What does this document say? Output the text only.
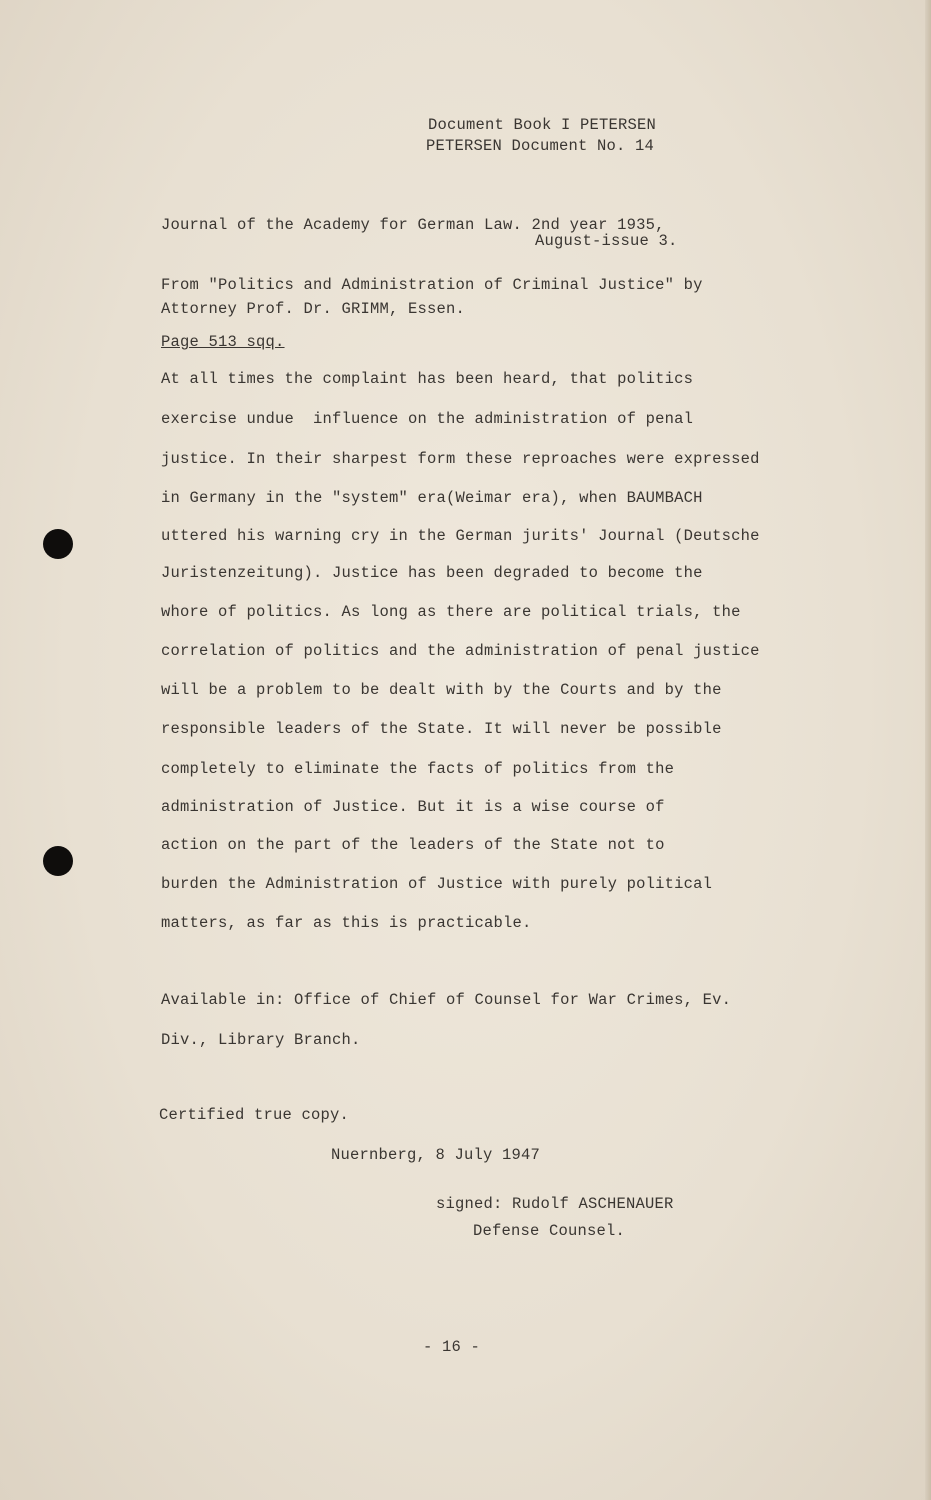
Document Book I PETERSEN
PETERSEN Document No. 14
Journal of the Academy for German Law. 2nd year 1935,
August-issue 3.
From "Politics and Administration of Criminal Justice" by
Attorney Prof. Dr. GRIMM, Essen.
Page 513 sqq.
At all times the complaint has been heard, that politics
exercise undue  influence on the administration of penal
justice. In their sharpest form these reproaches were expressed
in Germany in the "system" era(Weimar era), when BAUMBACH
uttered his warning cry in the German jurits' Journal (Deutsche
Juristenzeitung). Justice has been degraded to become the
whore of politics. As long as there are political trials, the
correlation of politics and the administration of penal justice
will be a problem to be dealt with by the Courts and by the
responsible leaders of the State. It will never be possible
completely to eliminate the facts of politics from the
administration of Justice. But it is a wise course of
action on the part of the leaders of the State not to
burden the Administration of Justice with purely political
matters, as far as this is practicable.
Available in: Office of Chief of Counsel for War Crimes, Ev.
Div., Library Branch.
Certified true copy.
Nuernberg, 8 July 1947
signed: Rudolf ASCHENAUER
Defense Counsel.
- 16 -
